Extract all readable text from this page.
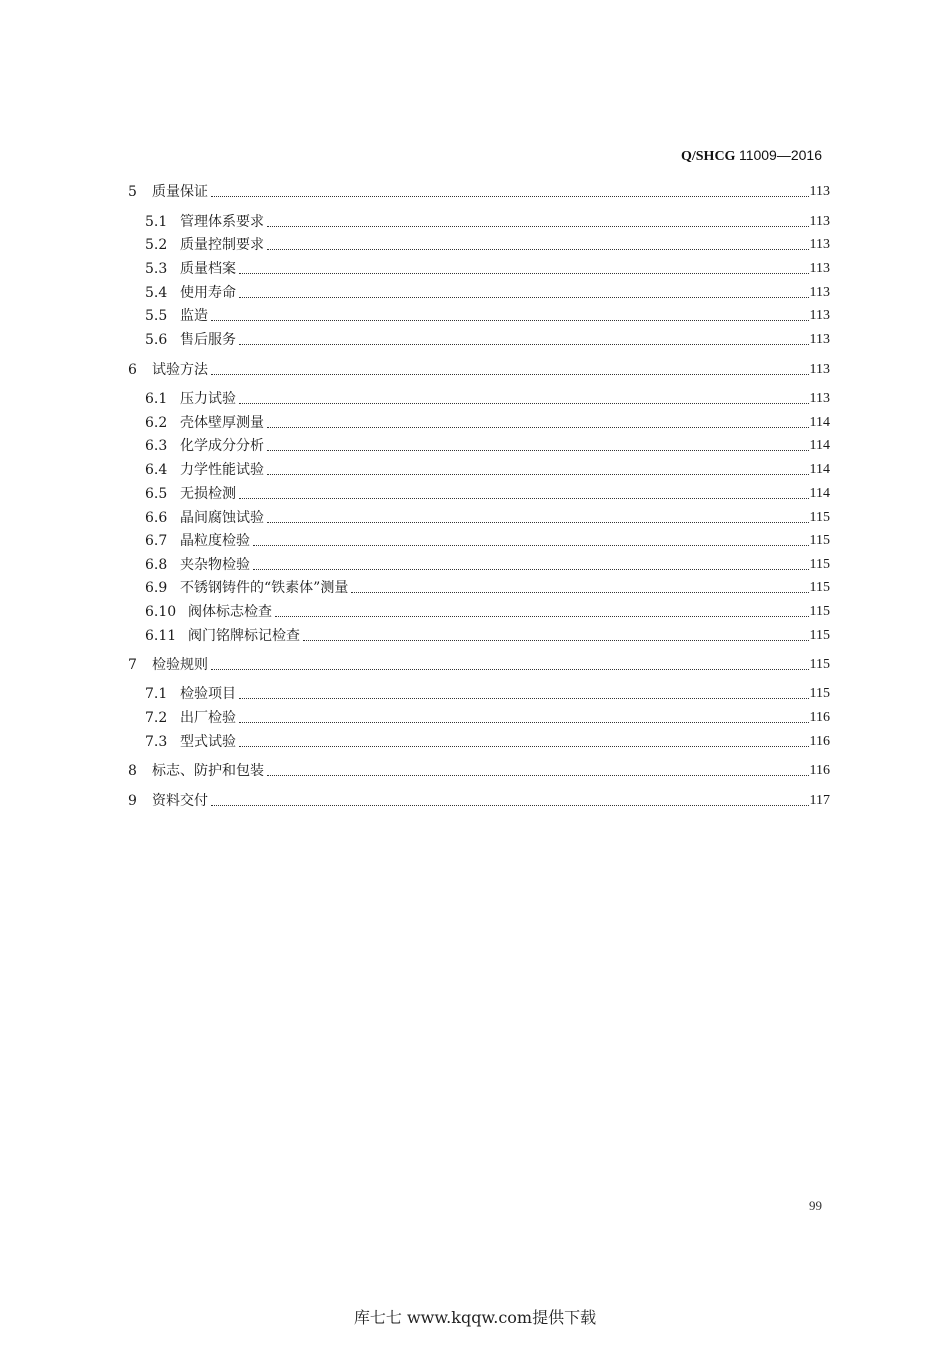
Q/SHCG 11009—2016
5	质量保证	113
5.1 管理体系要求	113
5.2 质量控制要求	113
5.3 质量档案	113
5.4 使用寿命	113
5.5 监造	113
5.6 售后服务	113
6	试验方法	113
6.1 压力试验	113
6.2 壳体壁厚测量	114
6.3 化学成分分析	114
6.4 力学性能试验	114
6.5 无损检测	114
6.6 晶间腐蚀试验	115
6.7 晶粒度检验	115
6.8 夹杂物检验	115
6.9 不锈钢铸件的“铁素体”测量	115
6.10 阀体标志检查	115
6.11 阀门铭牌标记检查	115
7	检验规则	115
7.1 检验项目	115
7.2 出厂检验	116
7.3 型式试验	116
8	标志、防护和包装	116
9	资料交付	117
99
库七七 www.kqqw.com提供下载
